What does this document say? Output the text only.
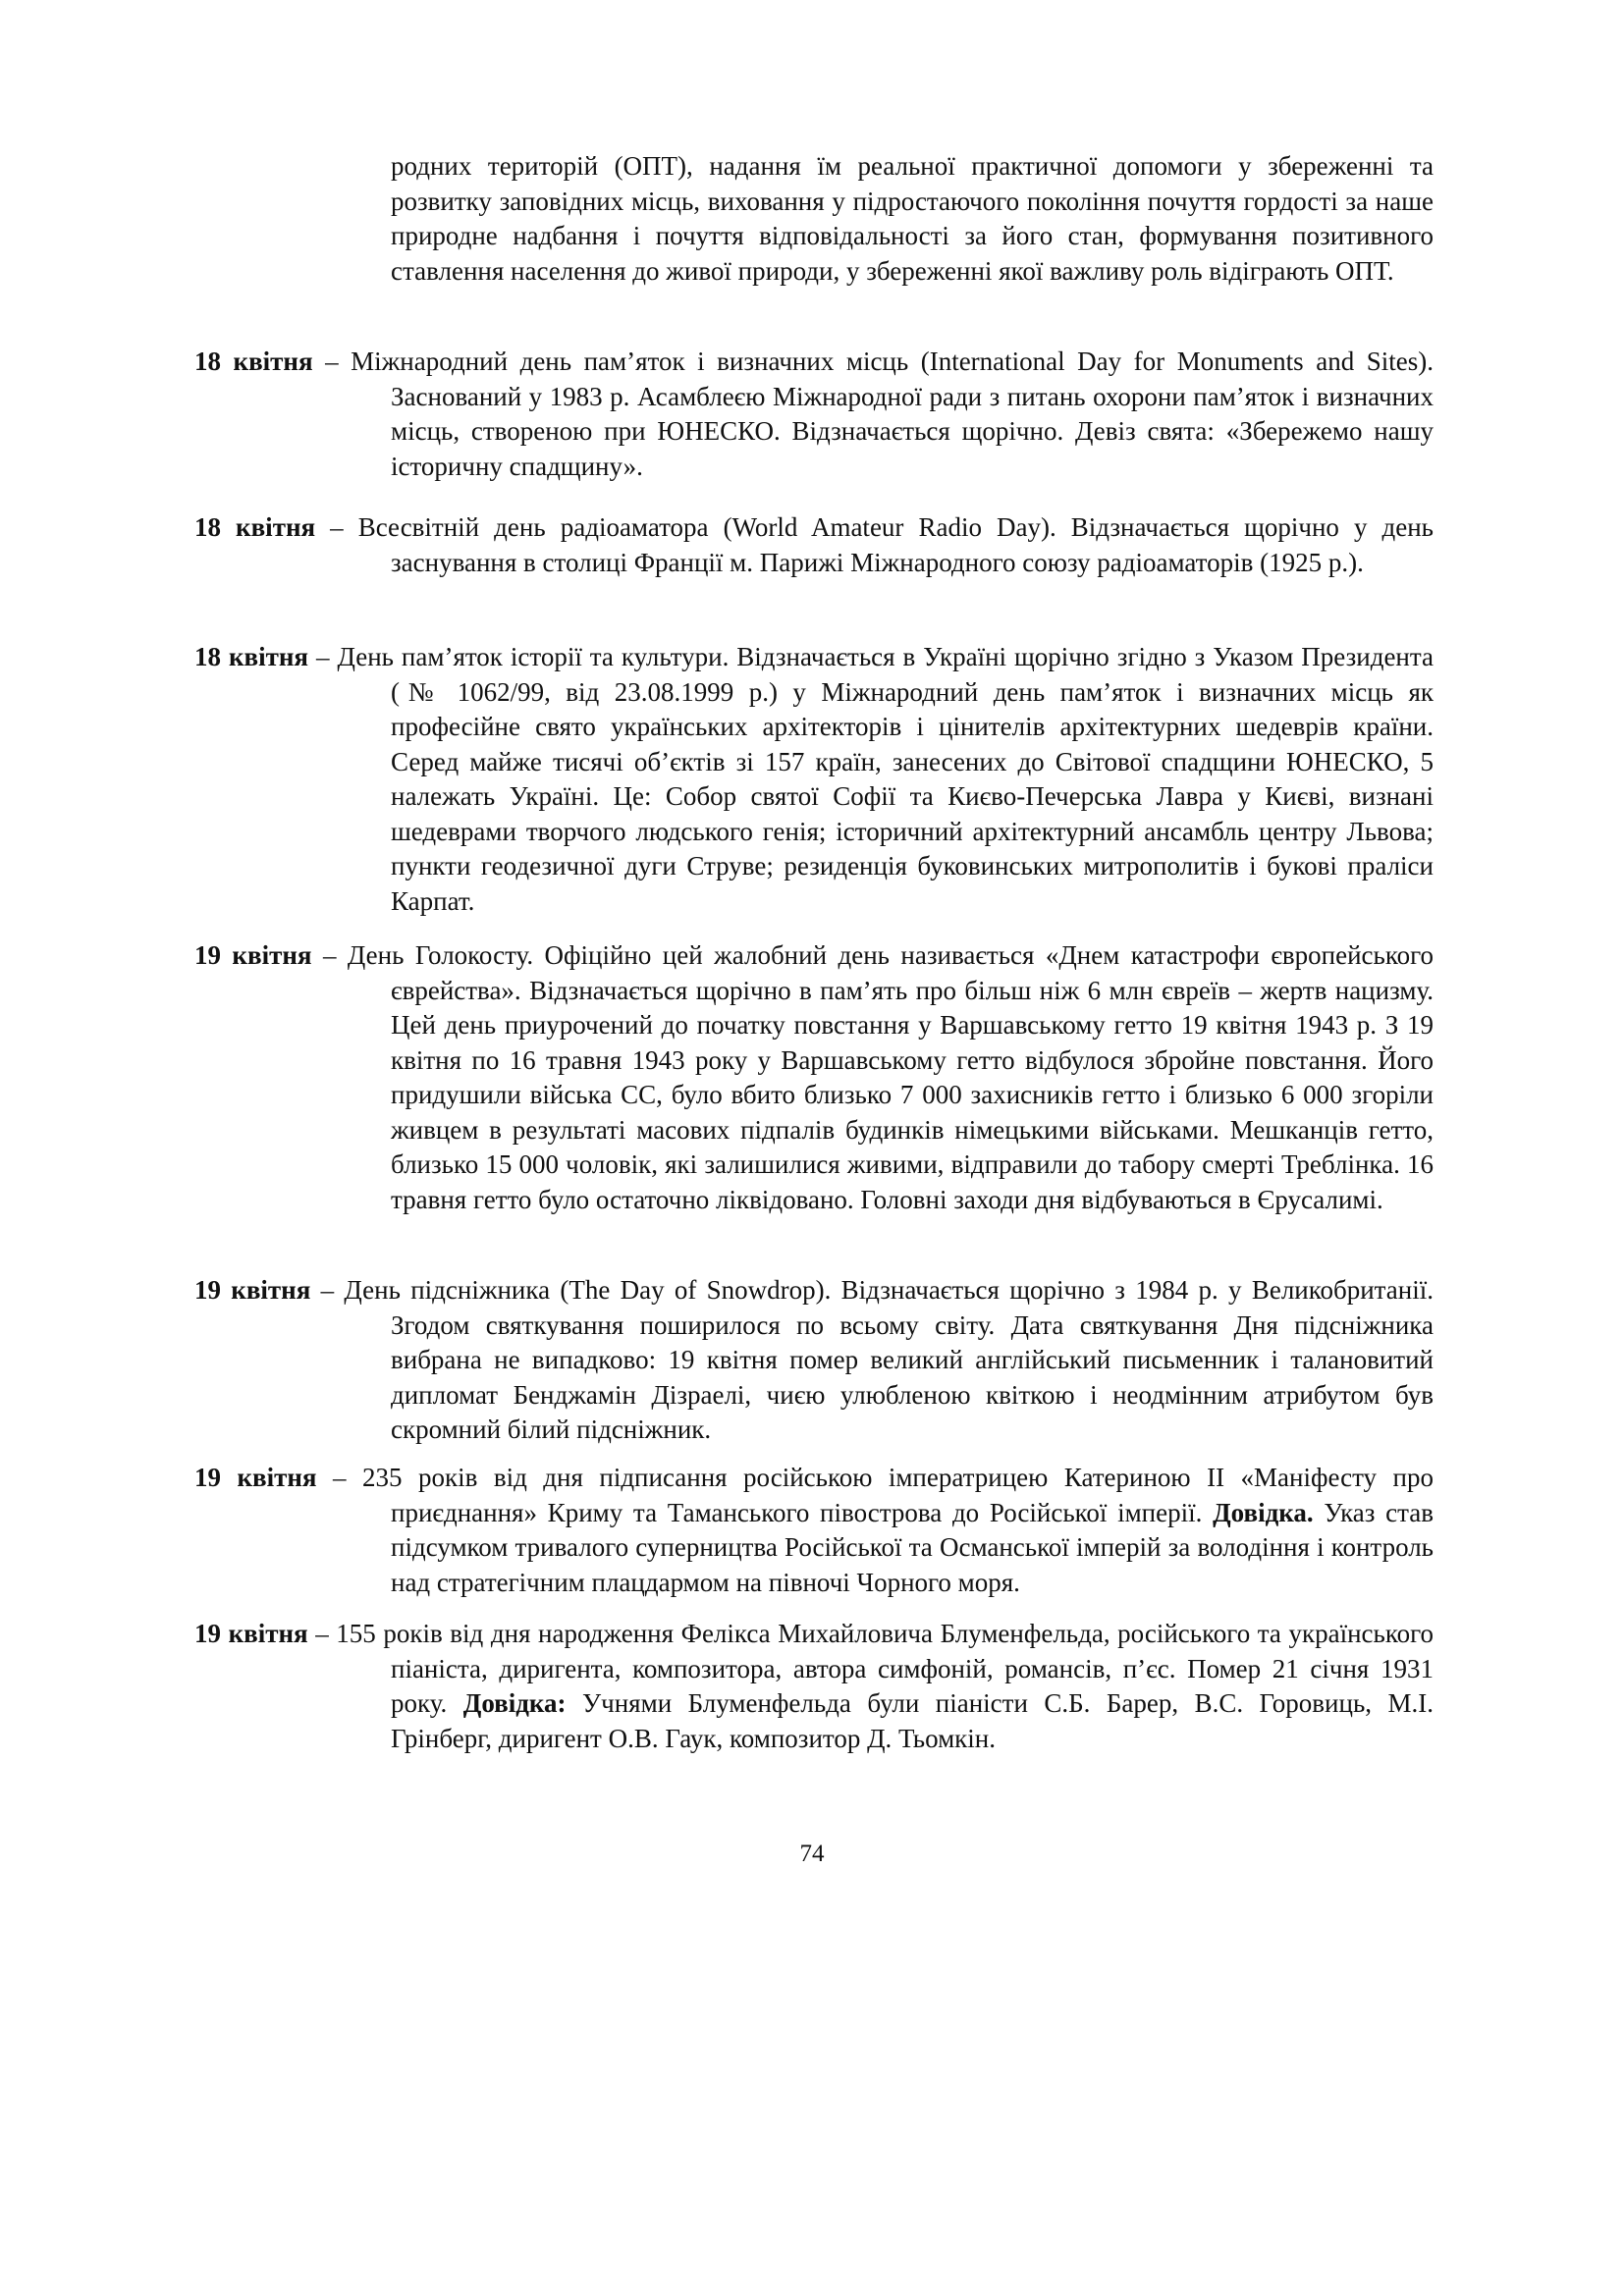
родних територій (ОПТ), надання їм реальної практичної допомоги у збереженні та розвитку заповідних місць, виховання у підростаючого покоління почуття гордості за наше природне надбання і почуття відповідальності за його стан, формування позитивного ставлення населення до живої природи, у збереженні якої важливу роль відіграють ОПТ.

18 квітня – Міжнародний день пам’яток і визначних місць (International Day for Monuments and Sites). Заснований у 1983 р. Асамблеєю Міжнародної ради з питань охорони пам’яток і визначних місць, створеною при ЮНЕСКО. Відзначається щорічно. Девіз свята: «Збережемо нашу історичну спадщину».

18 квітня – Всесвітній день радіоаматора (World Amateur Radio Day). Відзначається щорічно у день заснування в столиці Франції м. Парижі Міжнародного союзу радіоаматорів (1925 р.).

18 квітня – День пам’яток історії та культури. Відзначається в Україні щорічно згідно з Указом Президента (№ 1062/99, від 23.08.1999 р.) у Міжнародний день пам’яток і визначних місць як професійне свято українських архітекторів і цінителів архітектурних шедеврів країни. Серед майже тисячі об’єктів зі 157 країн, занесених до Світової спадщини ЮНЕСКО, 5 належать Україні. Це: Собор святої Софії та Києво-Печерська Лавра у Києві, визнані шедеврами творчого людського генія; історичний архітектурний ансамбль центру Львова; пункти геодезичної дуги Струве; резиденція буковинських митрополитів і букові праліси Карпат.

19 квітня – День Голокосту. Офіційно цей жалобний день називається «Днем катастрофи європейського єврейства». Відзначається щорічно в пам’ять про більш ніж 6 млн євреїв – жертв нацизму. Цей день приурочений до початку повстання у Варшавському гетто 19 квітня 1943 р. З 19 квітня по 16 травня 1943 року у Варшавському гетто відбулося збройне повстання. Його придушили війська СС, було вбито близько 7 000 захисників гетто і близько 6 000 згоріли живцем в результаті масових підпалів будинків німецькими військами. Мешканців гетто, близько 15 000 чоловік, які залишилися живими, відправили до табору смерті Треблінка. 16 травня гетто було остаточно ліквідовано. Головні заходи дня відбуваються в Єрусалимі.

19 квітня – День підсніжника (The Day of Snowdrop). Відзначається щорічно з 1984 р. у Великобританії. Згодом святкування поширилося по всьому світу. Дата святкування Дня підсніжника вибрана не випадково: 19 квітня помер великий англійський письменник і талановитий дипломат Бенджамін Дізраелі, чиєю улюбленою квіткою і неодмінним атрибутом був скромний білий підсніжник.

19 квітня – 235 років від дня підписання російською імператрицею Катериною ІІ «Маніфесту про приєднання» Криму та Таманського півострова до Російської імперії. Довідка. Указ став підсумком тривалого суперництва Російської та Османської імперій за володіння і контроль над стратегічним плацдармом на півночі Чорного моря.

19 квітня – 155 років від дня народження Фелікса Михайловича Блуменфельда, російського та українського піаніста, диригента, композитора, автора симфоній, романсів, п’єс. Помер 21 січня 1931 року. Довідка: Учнями Блуменфельда були піаністи С.Б. Барер, В.С. Горовиць, М.І. Грінберг, диригент О.В. Гаук, композитор Д. Тьомкін.

74
